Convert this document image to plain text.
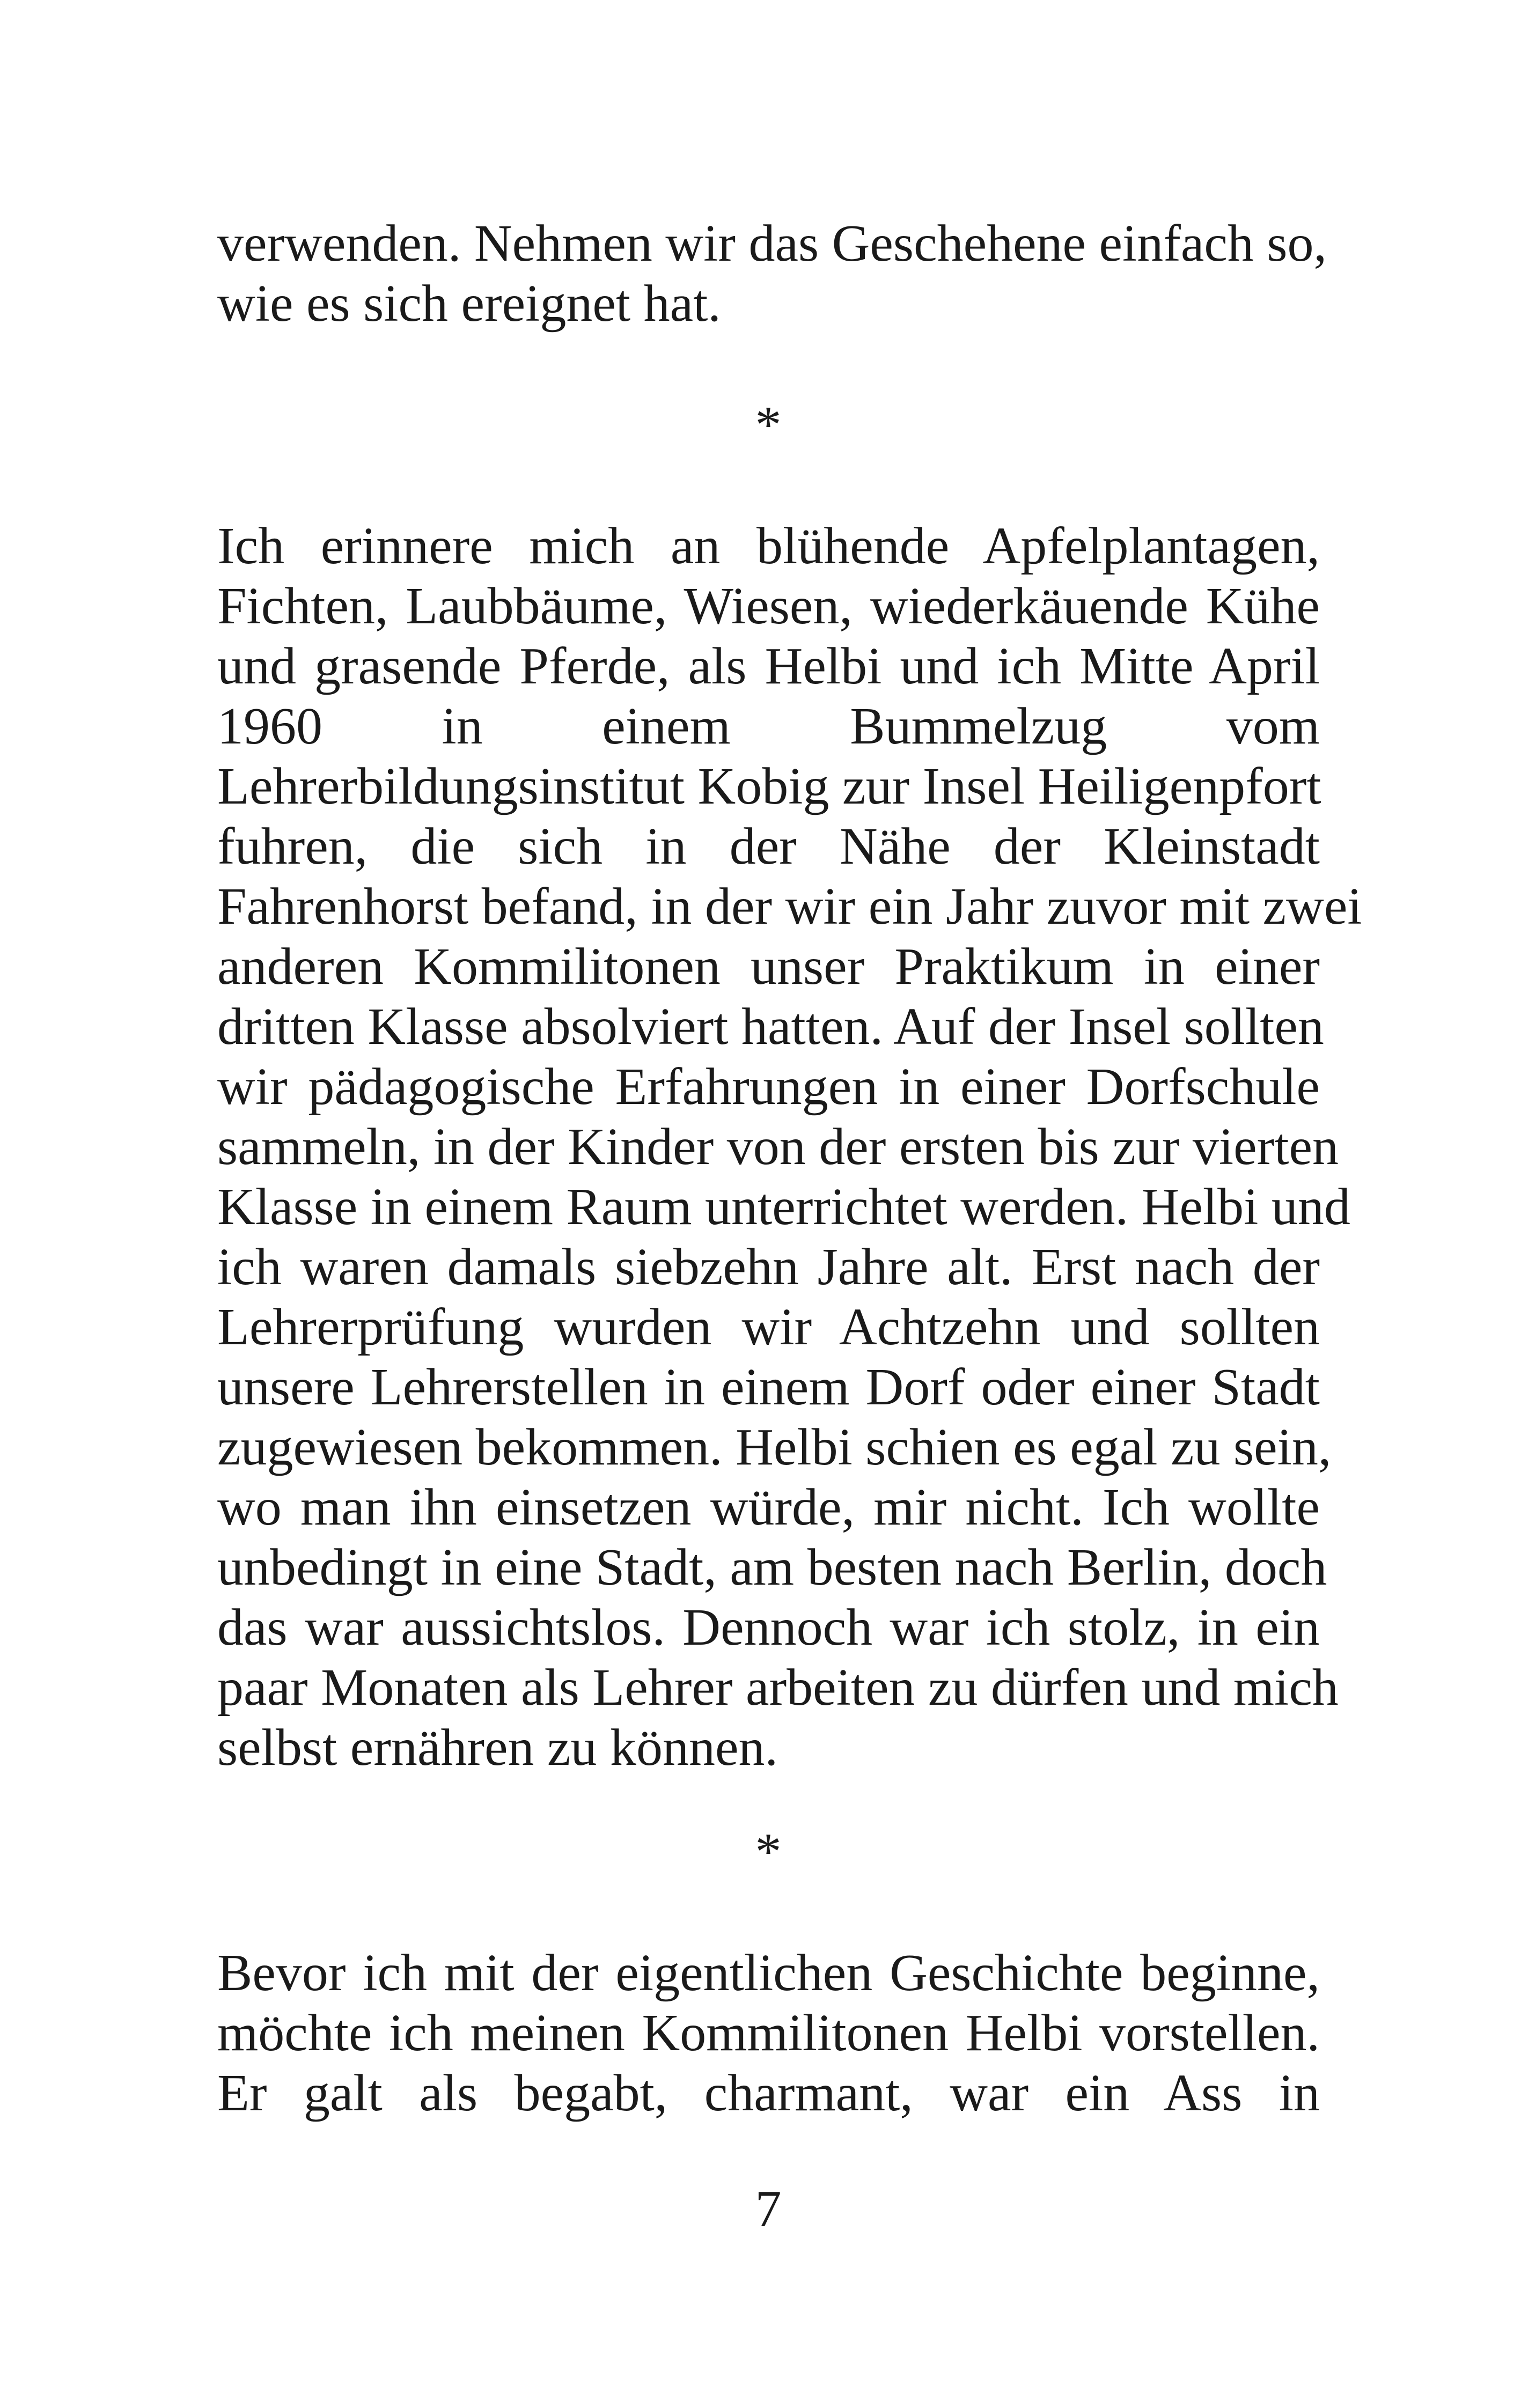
verwenden. Nehmen wir das Geschehene einfach so,
wie es sich ereignet hat.
*
Ich erinnere mich an blühende Apfelplantagen,
Fichten, Laubbäume, Wiesen, wiederkäuende Kühe
und grasende Pferde, als Helbi und ich Mitte April
1960 in einem Bummelzug vom
Lehrerbildungsinstitut Kobig zur Insel Heiligenpfort
fuhren, die sich in der Nähe der Kleinstadt
Fahrenhorst befand, in der wir ein Jahr zuvor mit zwei
anderen Kommilitonen unser Praktikum in einer
dritten Klasse absolviert hatten. Auf der Insel sollten
wir pädagogische Erfahrungen in einer Dorfschule
sammeln, in der Kinder von der ersten bis zur vierten
Klasse in einem Raum unterrichtet werden. Helbi und
ich waren damals siebzehn Jahre alt. Erst nach der
Lehrerprüfung wurden wir Achtzehn und sollten
unsere Lehrerstellen in einem Dorf oder einer Stadt
zugewiesen bekommen. Helbi schien es egal zu sein,
wo man ihn einsetzen würde, mir nicht. Ich wollte
unbedingt in eine Stadt, am besten nach Berlin, doch
das war aussichtslos. Dennoch war ich stolz, in ein
paar Monaten als Lehrer arbeiten zu dürfen und mich
selbst ernähren zu können.
*
Bevor ich mit der eigentlichen Geschichte beginne,
möchte ich meinen Kommilitonen Helbi vorstellen.
Er galt als begabt, charmant, war ein Ass in
7
